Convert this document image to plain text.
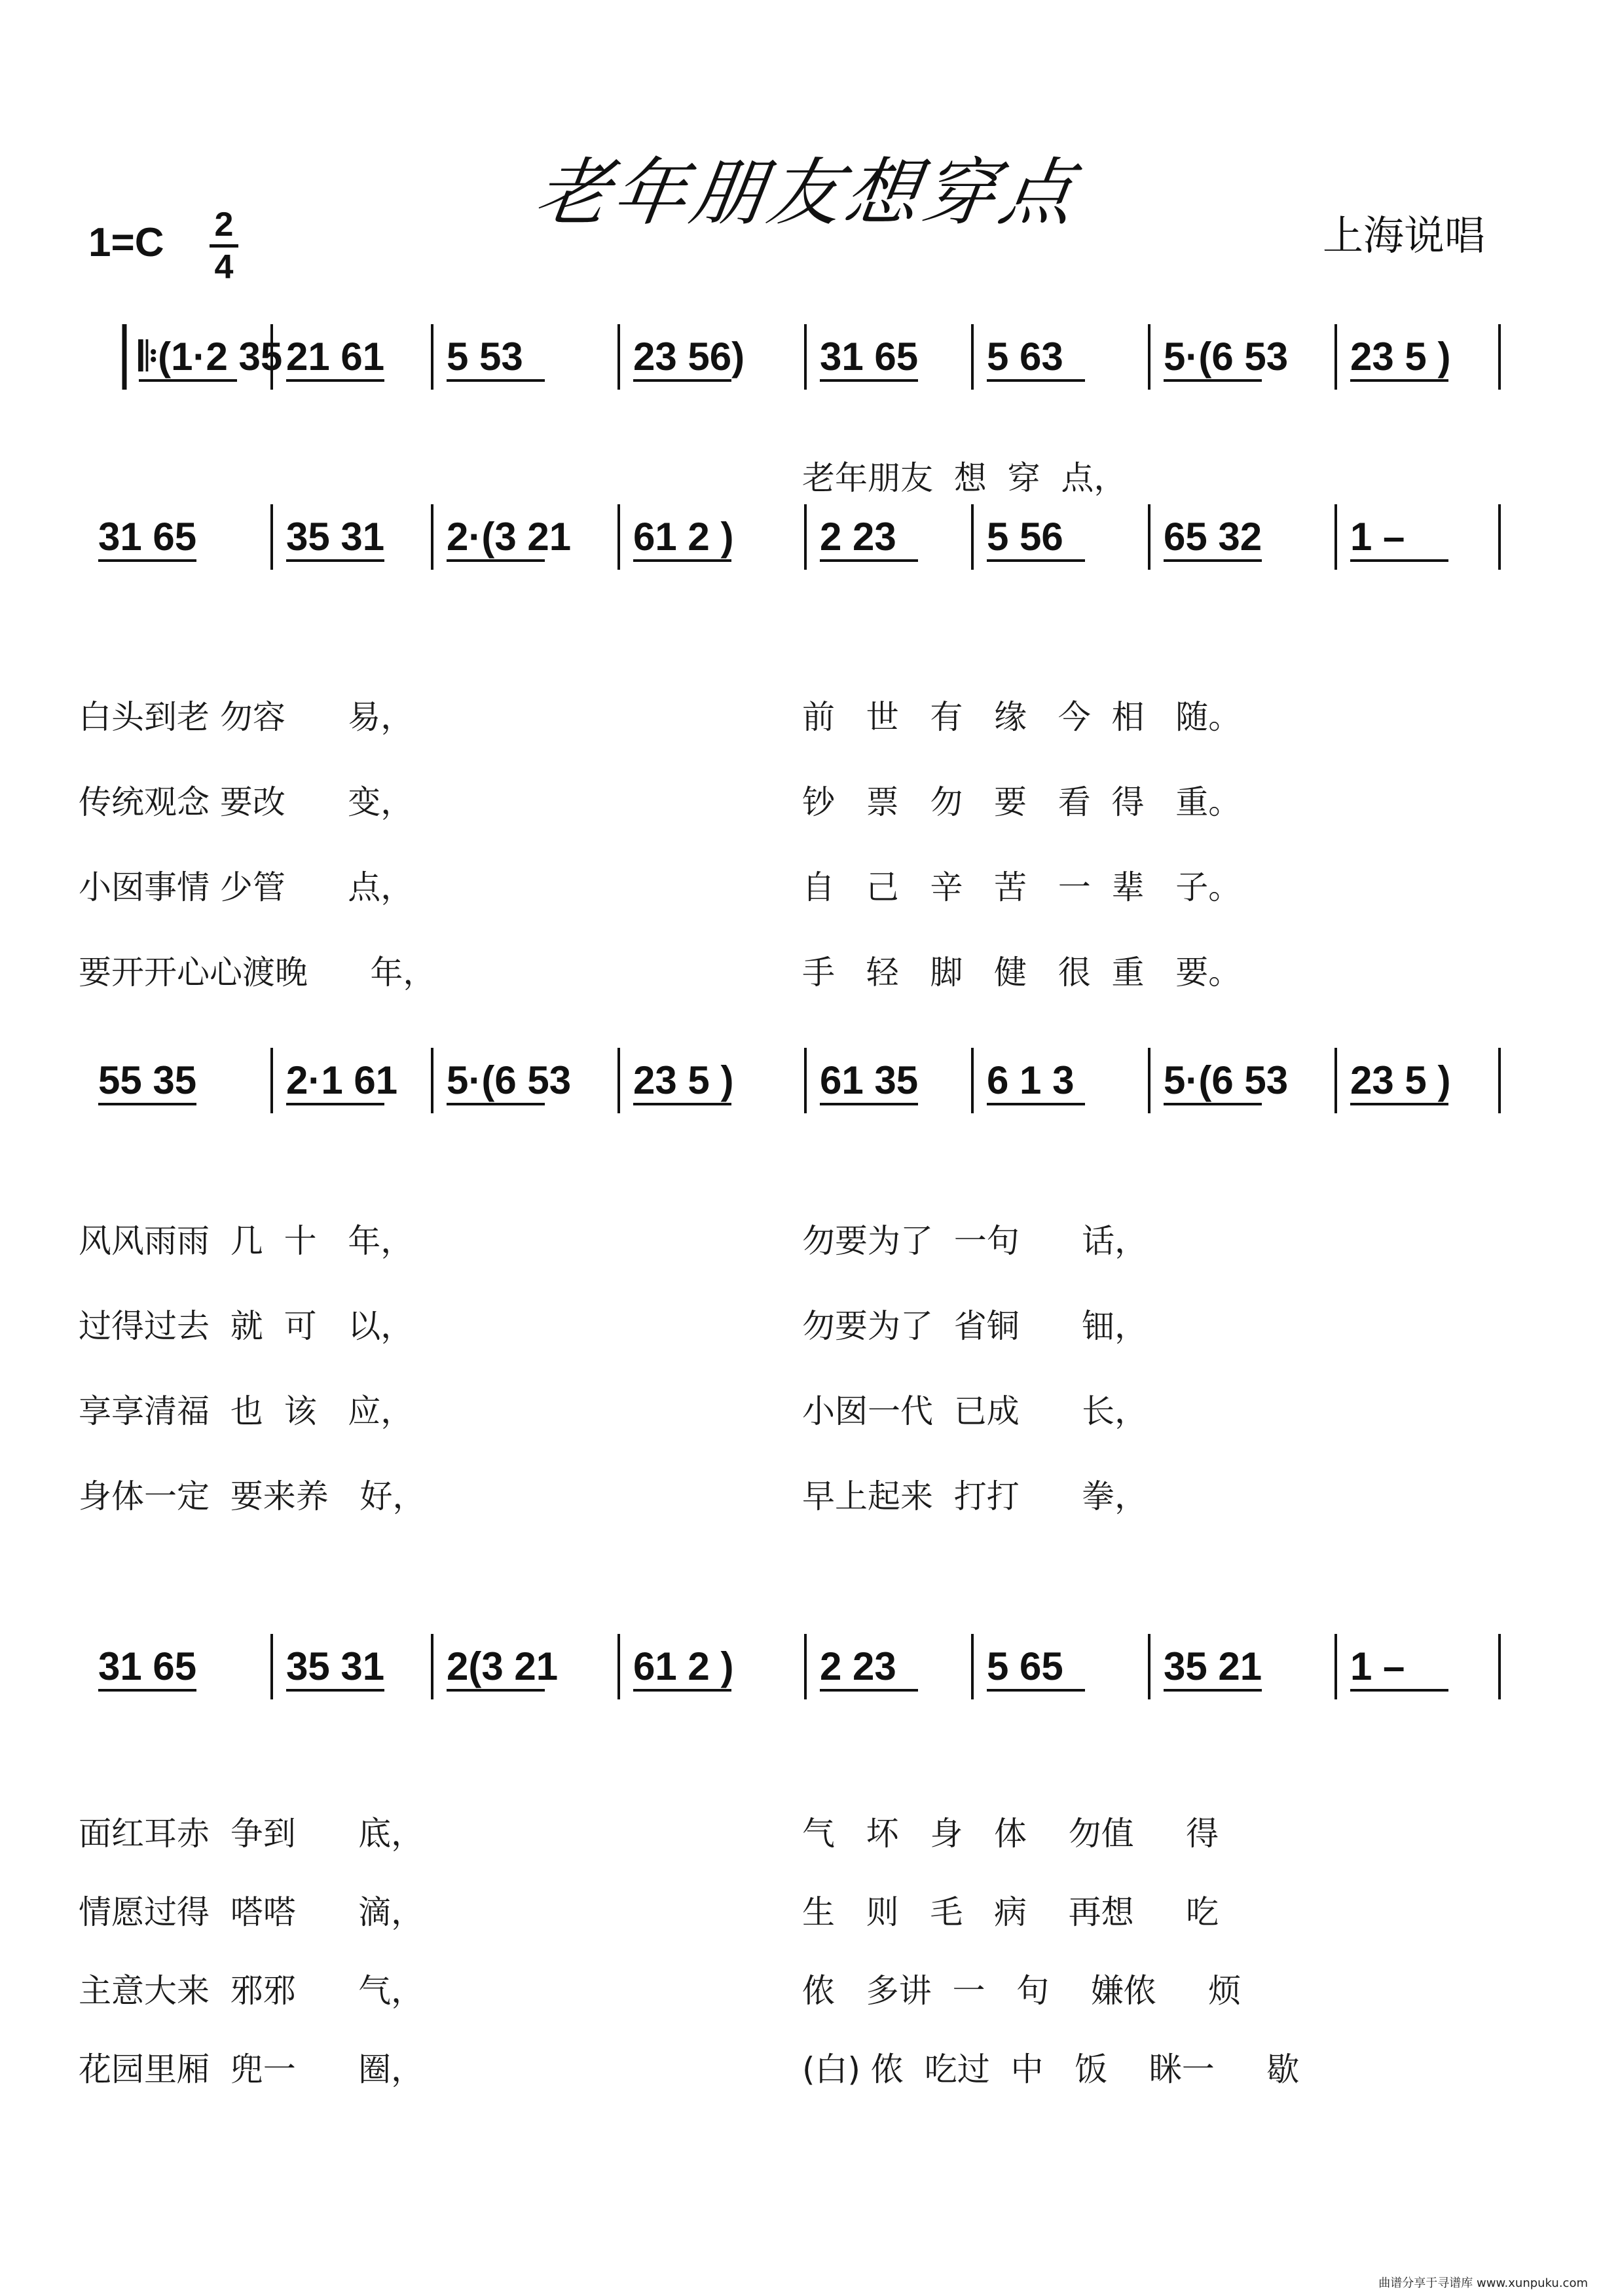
老年朋友想穿点	上海说唱
1=C 2
4
𝄆(1·2 35 21 61 5 53	23 56) 31 65 5 63	5·(6 53 23 5 )
31 65 35 31 2·(3 21 61 2 ) 2 23 5 56	65 32 1 –
55 35 2·1 61 5·(6 53 23 5 ) 61 35 6 1 3 5·(6 53 23 5 )
31 65 35 31 2(3 21 61 2 ) 2 23 5 65	35 21 1 –
老年朋友  想  穿  点，
白头到老 勿容      易，	前   世   有   缘   今  相   随。
传统观念 要改      变，	钞   票   勿   要   看  得   重。
小囡事情 少管      点，	自   己   辛   苦   一  辈   子。
要开开心心渡晚      年，	手   轻   脚   健   很  重   要。
风风雨雨  几  十   年，	勿要为了  一句      话，
过得过去  就  可   以，	勿要为了  省铜      钿，
享享清福  也  该   应，	小囡一代  已成      长，
身体一定  要来养   好，	早上起来  打打      拳，
面红耳赤  争到      底，	气   坏   身   体    勿值     得
情愿过得  嗒嗒      滴，	生   则   毛   病    再想     吃
主意大来  邪邪      气，	侬   多讲  一   句    嫌侬     烦
花园里厢  兜一      圈，	(白) 侬  吃过  中   饭    眯一     歇
曲谱分享于寻谱库 www.xunpuku.com
